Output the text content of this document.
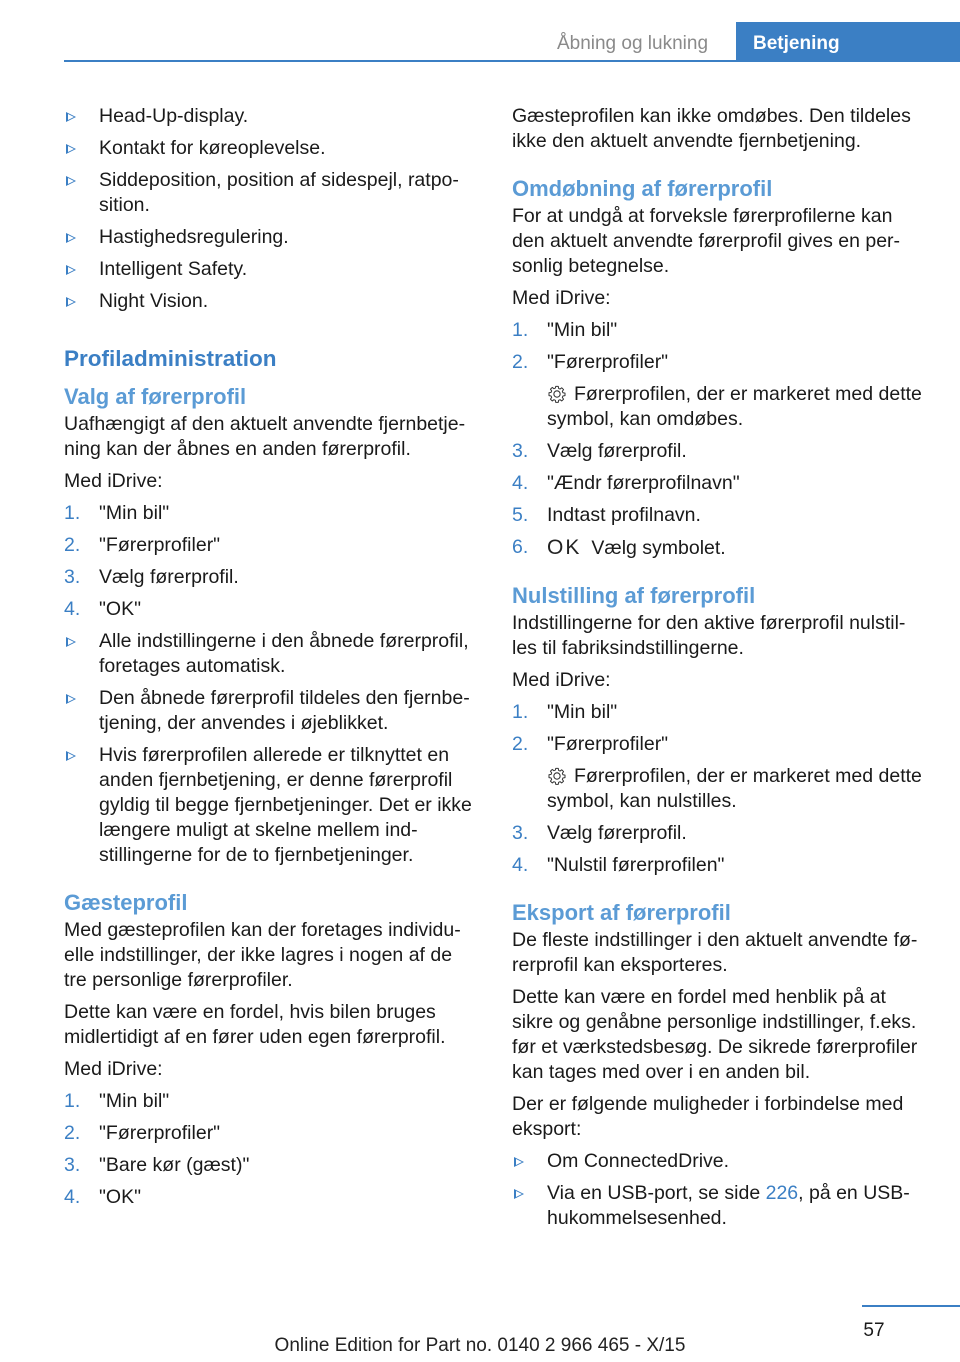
Åbning og lukning	Betjening
Head-Up-display.
Kontakt for køreoplevelse.
Siddeposition, position af sidespejl, ratpo-sition.
Hastighedsregulering.
Intelligent Safety.
Night Vision.
Profiladministration
Valg af førerprofil

Uafhængigt af den aktuelt anvendte fjernbetje-ning kan der åbnes en anden førerprofil.

Med iDrive:

1. "Min bil"
2. "Førerprofiler"
3. Vælg førerprofil.
4. "OK"
Alle indstillingerne i den åbnede førerprofil, foretages automatisk.
Den åbnede førerprofil tildeles den fjernbe-tjening, der anvendes i øjeblikket.
Hvis førerprofilen allerede er tilknyttet en anden fjernbetjening, er denne førerprofil gyldig til begge fjernbetjeninger. Det er ikke længere muligt at skelne mellem ind-stillingerne for de to fjernbetjeninger.
Gæsteprofil

Med gæsteprofilen kan der foretages individu-elle indstillinger, der ikke lagres i nogen af de tre personlige førerprofiler.

Dette kan være en fordel, hvis bilen bruges midlertidigt af en fører uden egen førerprofil.

Med iDrive:

1. "Min bil"
2. "Førerprofiler"
3. "Bare kør (gæst)"
4. "OK"

Gæsteprofilen kan ikke omdøbes. Den tildeles ikke den aktuelt anvendte fjernbetjening.

Omdøbning af førerprofil

For at undgå at forveksle førerprofilerne kan den aktuelt anvendte førerprofil gives en per-sonlig betegnelse.

Med iDrive:

1. "Min bil"
2. "Førerprofiler"
Førerprofilen, der er markeret med dette symbol, kan omdøbes.
3. Vælg førerprofil.
4. "Ændr førerprofilnavn"
5. Indtast profilnavn.
6. OK Vælg symbolet.
Nulstilling af førerprofil

Indstillingerne for den aktive førerprofil nulstil-les til fabriksindstillingerne.

Med iDrive:

1. "Min bil"
2. "Førerprofiler"
Førerprofilen, der er markeret med dette symbol, kan nulstilles.
3. Vælg førerprofil.
4. "Nulstil førerprofilen"
Eksport af førerprofil

De fleste indstillinger i den aktuelt anvendte fø-rerprofil kan eksporteres.

Dette kan være en fordel med henblik på at sikre og genåbne personlige indstillinger, f.eks. før et værkstedsbesøg. De sikrede førerprofiler kan tages med over i en anden bil.

Der er følgende muligheder i forbindelse med eksport:

Om ConnectedDrive.
Via en USB-port, se side 226, på en USB-hukommelsesenhed.
57
Online Edition for Part no. 0140 2 966 465 - X/15
